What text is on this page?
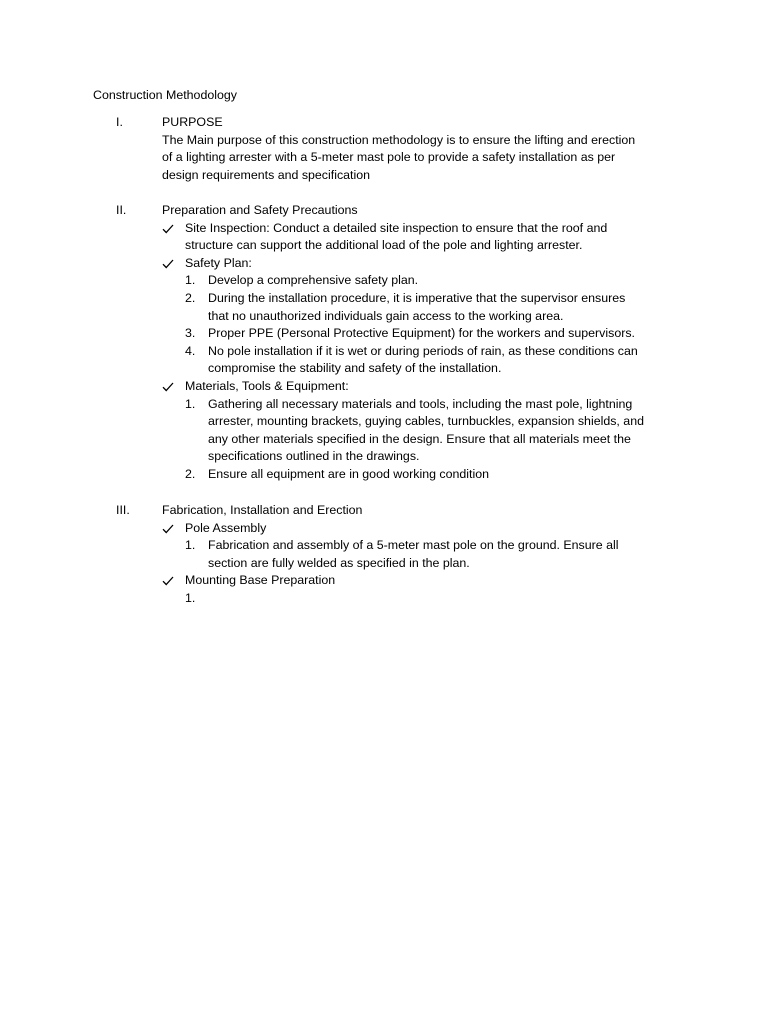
Construction Methodology
I.	PURPOSE
The Main purpose of this construction methodology is to ensure the lifting and erection
of a lighting arrester with a 5-meter mast pole to provide a safety installation as per
design requirements and specification
II.	Preparation and Safety Precautions
Site Inspection: Conduct a detailed site inspection to ensure that the roof and
structure can support the additional load of the pole and lighting arrester.
Safety Plan:
1. Develop a comprehensive safety plan.
2. During the installation procedure, it is imperative that the supervisor ensures
that no unauthorized individuals gain access to the working area.
3. Proper PPE (Personal Protective Equipment) for the workers and supervisors.
4. No pole installation if it is wet or during periods of rain, as these conditions can
compromise the stability and safety of the installation.
Materials, Tools & Equipment:
1. Gathering all necessary materials and tools, including the mast pole, lightning
arrester, mounting brackets, guying cables, turnbuckles, expansion shields, and
any other materials specified in the design. Ensure that all materials meet the
specifications outlined in the drawings.
2. Ensure all equipment are in good working condition
III.	Fabrication, Installation and Erection
Pole Assembly
1. Fabrication and assembly of a 5-meter mast pole on the ground. Ensure all
section are fully welded as specified in the plan.
Mounting Base Preparation
1.
